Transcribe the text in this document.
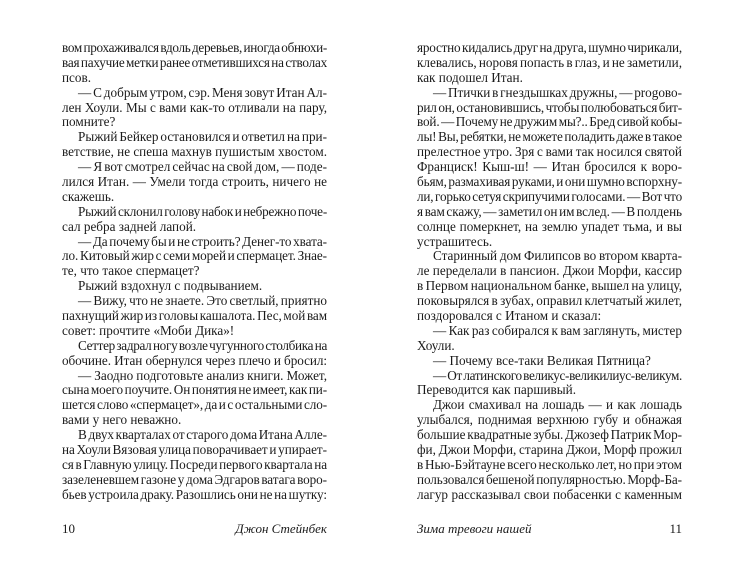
вом прохаживался вдоль деревьев, иногда обнюхи-
вая пахучие метки ранее отметившихся на стволах
псов.
— С добрым утром, сэр. Меня зовут Итан Ал-
лен Хоули. Мы с вами как-то отливали на пару,
помните?
Рыжий Бейкер остановился и ответил на при-
ветствие, не спеша махнув пушистым хвостом.
— Я вот смотрел сейчас на свой дом, — поде-
лился Итан. — Умели тогда строить, ничего не
скажешь.
Рыжий склонил голову набок и небрежно поче-
сал ребра задней лапой.
— Да почему бы и не строить? Денег-то хвата-
ло. Китовый жир с семи морей и спермацет. Знае-
те, что такое спермацет?
Рыжий вздохнул с подвыванием.
— Вижу, что не знаете. Это светлый, приятно
пахнущий жир из головы кашалота. Пес, мой вам
совет: прочтите «Моби Дика»!
Сеттер задрал ногу возле чугунного столбика на
обочине. Итан обернулся через плечо и бросил:
— Заодно подготовьте анализ книги. Может,
сына моего поучите. Он понятия не имеет, как пи-
шется слово «спермацет», да и с остальными сло-
вами у него неважно.
В двух кварталах от старого дома Итана Алле-
на Хоули Вязовая улица поворачивает и упирает-
ся в Главную улицу. Посреди первого квартала на
зазеленевшем газоне у дома Эдгаров ватага воро-
бьев устроила драку. Разошлись они не на шутку:
яростно кидались друг на друга, шумно чирикали,
клевались, норовя попасть в глаз, и не заметили,
как подошел Итан.
— Птички в гнездышках дружны, — progово-
рил он, остановившись, чтобы полюбоваться бит-
вой. — Почему не дружим мы?.. Бред сивой кобы-
лы! Вы, ребятки, не можете поладить даже в такое
прелестное утро. Зря с вами так носился святой
Франциск! Кыш-ш! — Итан бросился к воро-
бьям, размахивая руками, и они шумно вспорхну-
ли, горько сетуя скрипучими голосами. — Вот что
я вам скажу, — заметил он им вслед. — В полдень
солнце померкнет, на землю упадет тьма, и вы
устрашитесь.
Старинный дом Филипсов во втором кварта-
ле переделали в пансион. Джои Морфи, кассир
в Первом национальном банке, вышел на улицу,
поковырялся в зубах, оправил клетчатый жилет,
поздоровался с Итаном и сказал:
— Как раз собирался к вам заглянуть, мистер
Хоули.
— Почему все-таки Великая Пятница?
— От латинского великус-великилиус-великум.
Переводится как паршивый.
Джои смахивал на лошадь — и как лошадь
улыбался, поднимая верхнюю губу и обнажая
большие квадратные зубы. Джозеф Патрик Мор-
фи, Джои Морфи, старина Джои, Морф прожил
в Нью-Бэйтауне всего несколько лет, но при этом
пользовался бешеной популярностью. Морф-Ба-
лагур рассказывал свои побасенки с каменным
10	Джон Стейнбек	Зима тревоги нашей	11
